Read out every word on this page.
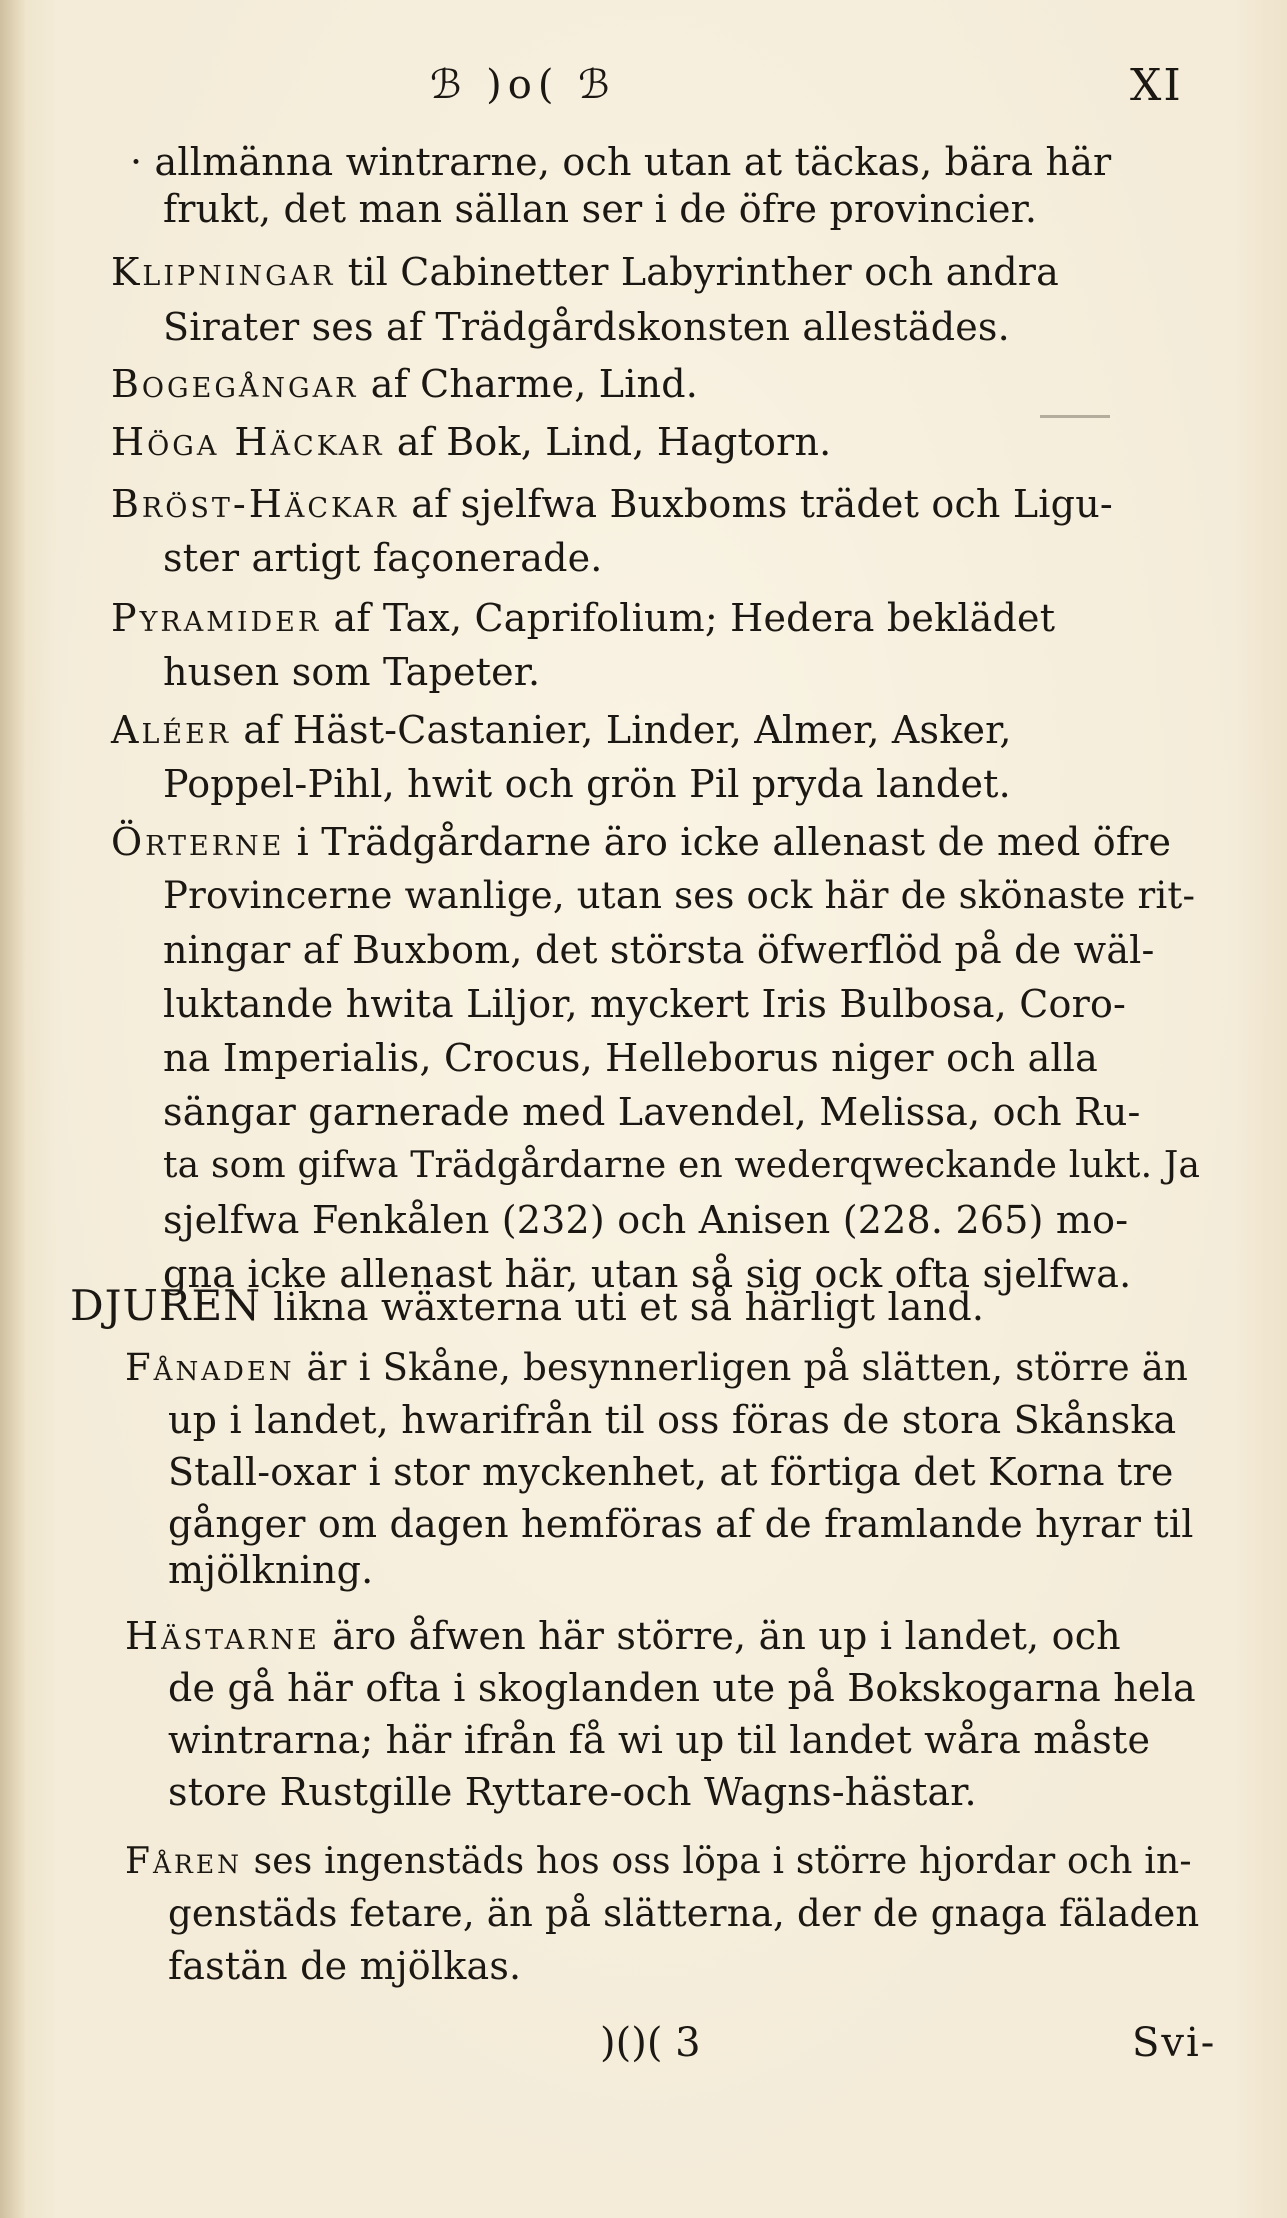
ℬ )o( ℬ	XI
· allmänna wintrarne, och utan at täckas, bära här
frukt, det man sällan ser i de öfre provincier.
Klipningar til Cabinetter Labyrinther och andra
Sirater ses af Trädgårdskonsten allestädes.
Bogegångar af Charme, Lind.
Höga Häckar af Bok, Lind, Hagtorn.
Bröst-Häckar af sjelfwa Buxboms trädet och Ligu-
ster artigt façonerade.
Pyramider af Tax, Caprifolium; Hedera beklädet
husen som Tapeter.
Aléer af Häst-Castanier, Linder, Almer, Asker,
Poppel-Pihl, hwit och grön Pil pryda landet.
Örterne i Trädgårdarne äro icke allenast de med öfre
Provincerne wanlige, utan ses ock här de skönaste rit-
ningar af Buxbom, det största öfwerflöd på de wäl-
luktande hwita Liljor, myckert Iris Bulbosa, Coro-
na Imperialis, Crocus, Helleborus niger och alla
sängar garnerade med Lavendel, Melissa, och Ru-
ta som gifwa Trädgårdarne en wederqweckande lukt. Ja
sjelfwa Fenkålen (232) och Anisen (228. 265) mo-
gna icke allenast här, utan så sig ock ofta sjelfwa.
DJUREN likna wäxterna uti et så härligt land.
Fånaden är i Skåne, besynnerligen på slätten, större än
up i landet, hwarifrån til oss föras de stora Skånska
Stall-oxar i stor myckenhet, at förtiga det Korna tre
gånger om dagen hemföras af de framlande hyrar til
mjölkning.
Hästarne äro åfwen här större, än up i landet, och
de gå här ofta i skoglanden ute på Bokskogarna hela
wintrarna; här ifrån få wi up til landet wåra måste
store Rustgille Ryttare-och Wagns-hästar.
Fåren ses ingenstäds hos oss löpa i större hjordar och in-
genstäds fetare, än på slätterna, der de gnaga fäladen
fastän de mjölkas.
)()( 3	Svi-
